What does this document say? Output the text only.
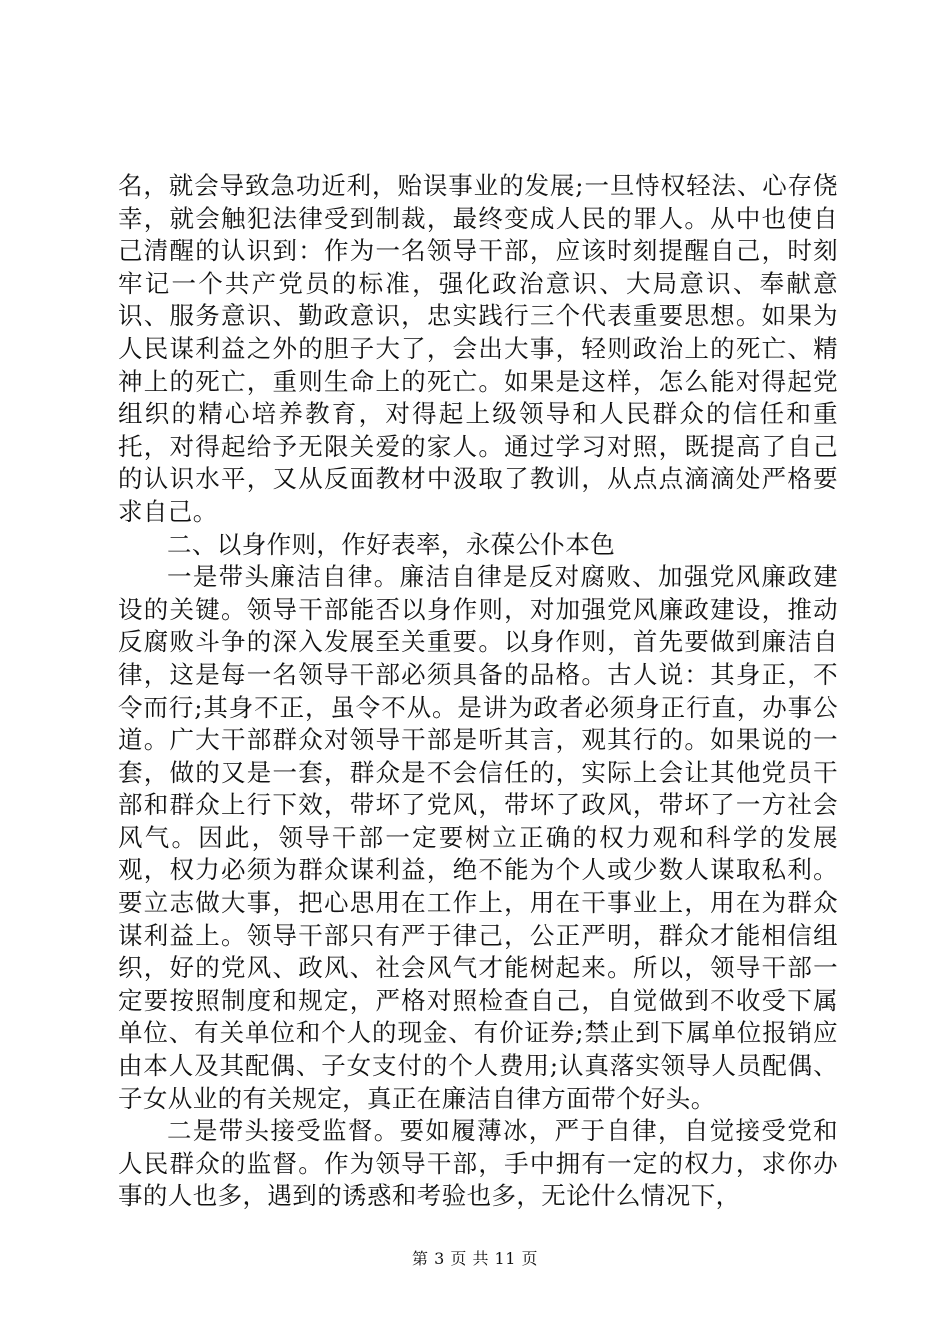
名，就会导致急功近利，贻误事业的发展;一旦恃权轻法、心存侥幸，就会触犯法律受到制裁，最终变成人民的罪人。从中也使自己清醒的认识到：作为一名领导干部，应该时刻提醒自己，时刻牢记一个共产党员的标准，强化政治意识、大局意识、奉献意识、服务意识、勤政意识，忠实践行三个代表重要思想。如果为人民谋利益之外的胆子大了，会出大事，轻则政治上的死亡、精神上的死亡，重则生命上的死亡。如果是这样，怎么能对得起党组织的精心培养教育，对得起上级领导和人民群众的信任和重托，对得起给予无限关爱的家人。通过学习对照，既提高了自己的认识水平，又从反面教材中汲取了教训，从点点滴滴处严格要求自己。

二、以身作则，作好表率，永葆公仆本色

一是带头廉洁自律。廉洁自律是反对腐败、加强党风廉政建设的关键。领导干部能否以身作则，对加强党风廉政建设，推动反腐败斗争的深入发展至关重要。以身作则，首先要做到廉洁自律，这是每一名领导干部必须具备的品格。古人说：其身正，不令而行;其身不正，虽令不从。是讲为政者必须身正行直，办事公道。广大干部群众对领导干部是听其言，观其行的。如果说的一套，做的又是一套，群众是不会信任的，实际上会让其他党员干部和群众上行下效，带坏了党风，带坏了政风，带坏了一方社会风气。因此，领导干部一定要树立正确的权力观和科学的发展观，权力必须为群众谋利益，绝不能为个人或少数人谋取私利。要立志做大事，把心思用在工作上，用在干事业上，用在为群众谋利益上。领导干部只有严于律己，公正严明，群众才能相信组织，好的党风、政风、社会风气才能树起来。所以，领导干部一定要按照制度和规定，严格对照检查自己，自觉做到不收受下属单位、有关单位和个人的现金、有价证券;禁止到下属单位报销应由本人及其配偶、子女支付的个人费用;认真落实领导人员配偶、子女从业的有关规定，真正在廉洁自律方面带个好头。

二是带头接受监督。要如履薄冰，严于自律，自觉接受党和人民群众的监督。作为领导干部，手中拥有一定的权力，求你办事的人也多，遇到的诱惑和考验也多，无论什么情况下，

第 3 页 共 11 页
